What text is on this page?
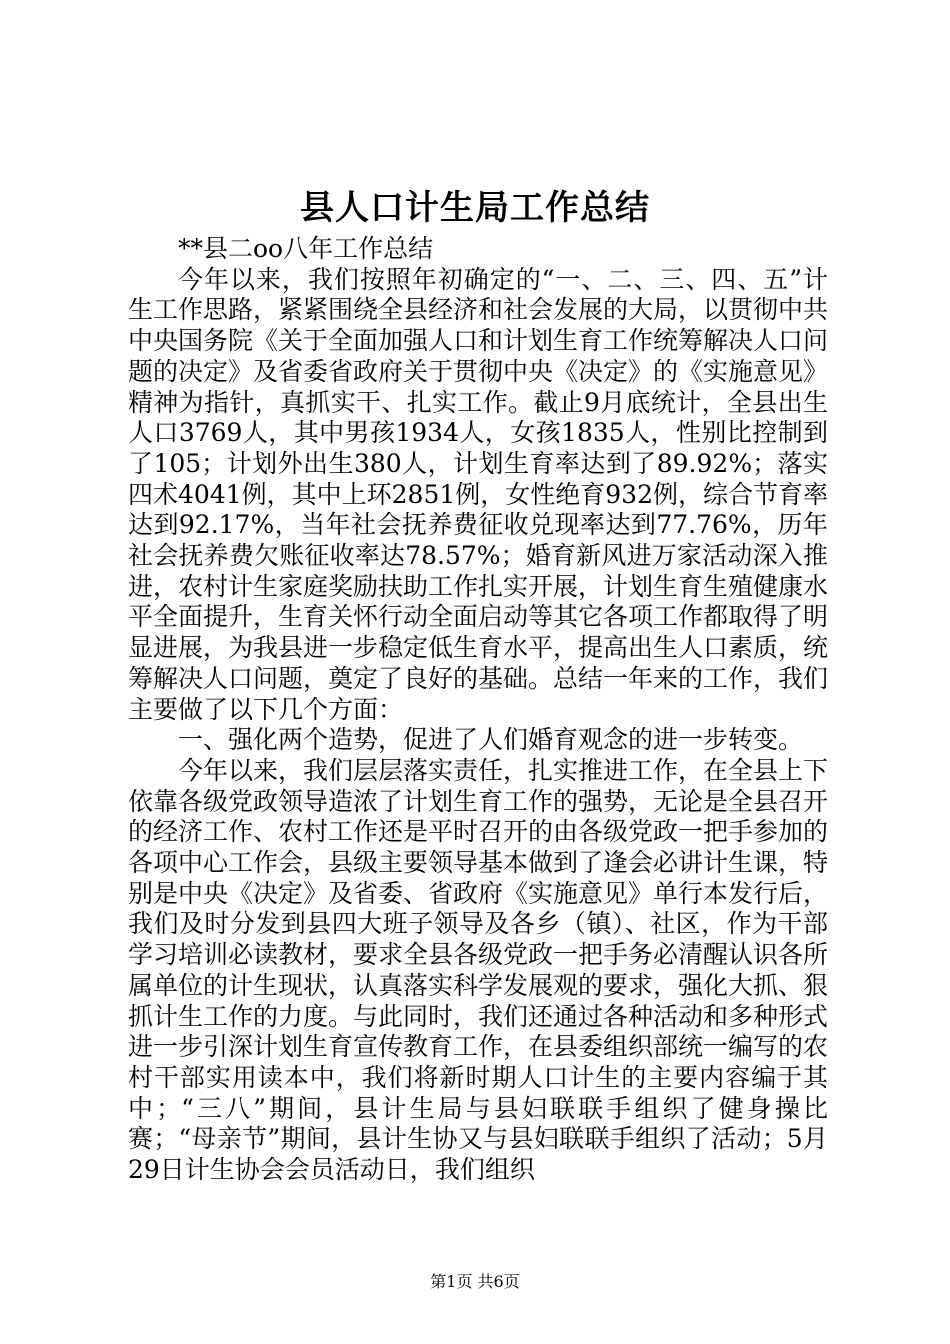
县人口计生局工作总结

**县二oo八年工作总结

今年以来，我们按照年初确定的“一、二、三、四、五”计生工作思路，紧紧围绕全县经济和社会发展的大局，以贯彻中共中央国务院《关于全面加强人口和计划生育工作统筹解决人口问题的决定》及省委省政府关于贯彻中央《决定》的《实施意见》精神为指针，真抓实干、扎实工作。截止9月底统计，全县出生人口3769人，其中男孩1934人，女孩1835人，性别比控制到了105；计划外出生380人，计划生育率达到了89.92%；落实四术4041例，其中上环2851例，女性绝育932例，综合节育率达到92.17%，当年社会抚养费征收兑现率达到77.76%，历年社会抚养费欠账征收率达78.57%；婚育新风进万家活动深入推进，农村计生家庭奖励扶助工作扎实开展，计划生育生殖健康水平全面提升，生育关怀行动全面启动等其它各项工作都取得了明显进展，为我县进一步稳定低生育水平，提高出生人口素质，统筹解决人口问题，奠定了良好的基础。总结一年来的工作，我们主要做了以下几个方面：

一、强化两个造势，促进了人们婚育观念的进一步转变。

今年以来，我们层层落实责任，扎实推进工作，在全县上下依靠各级党政领导造浓了计划生育工作的强势，无论是全县召开的经济工作、农村工作还是平时召开的由各级党政一把手参加的各项中心工作会，县级主要领导基本做到了逢会必讲计生课，特别是中央《决定》及省委、省政府《实施意见》单行本发行后，我们及时分发到县四大班子领导及各乡（镇）、社区，作为干部学习培训必读教材，要求全县各级党政一把手务必清醒认识各所属单位的计生现状，认真落实科学发展观的要求，强化大抓、狠抓计生工作的力度。与此同时，我们还通过各种活动和多种形式进一步引深计划生育宣传教育工作，在县委组织部统一编写的农村干部实用读本中，我们将新时期人口计生的主要内容编于其中；“三八”期间，县计生局与县妇联联手组织了健身操比赛；“母亲节”期间，县计生协又与县妇联联手组织了活动；5月29日计生协会会员活动日，我们组织

第1页 共6页
